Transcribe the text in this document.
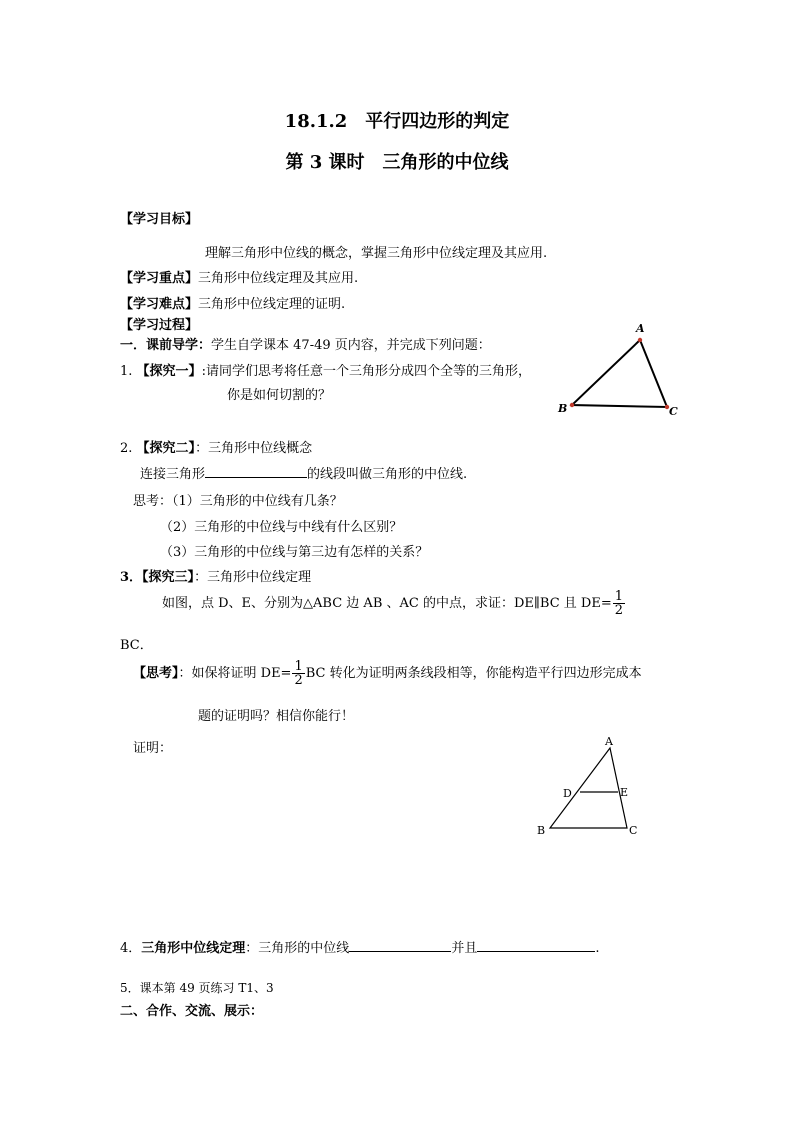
18.1.2　平行四边形的判定
第 3 课时　三角形的中位线
【学习目标】
理解三角形中位线的概念，掌握三角形中位线定理及其应用.
【学习重点】三角形中位线定理及其应用.
【学习难点】三角形中位线定理的证明.
【学习过程】
一．课前导学：学生自学课本 47-49 页内容，并完成下列问题：
1. 【探究一】:请同学们思考将任意一个三角形分成四个全等的三角形，
你是如何切割的？
A
B	C
2. 【探究二】：三角形中位线概念
连接三角形	的线段叫做三角形的中位线.
思考：（1）三角形的中位线有几条？
（2）三角形的中位线与中线有什么区别？
（3）三角形的中位线与第三边有怎样的关系？
3．【探究三】：三角形中位线定理
如图，点 D、E、分别为△ABC 边 AB 、AC 的中点，求证：DE∥BC 且 $DE= \frac{1}{2}$
BC．
【思考】：如保将证明 $DE= \frac{1}{2}$ BC 转化为证明两条线段相等，你能构造平行四边形完成本
题的证明吗？相信你能行！
证明：	A
B	C
D	E
4．三角形中位线定理：三角形的中位线	并且	.
5．课本第 49 页练习 T1、3
二、合作、交流、展示：
